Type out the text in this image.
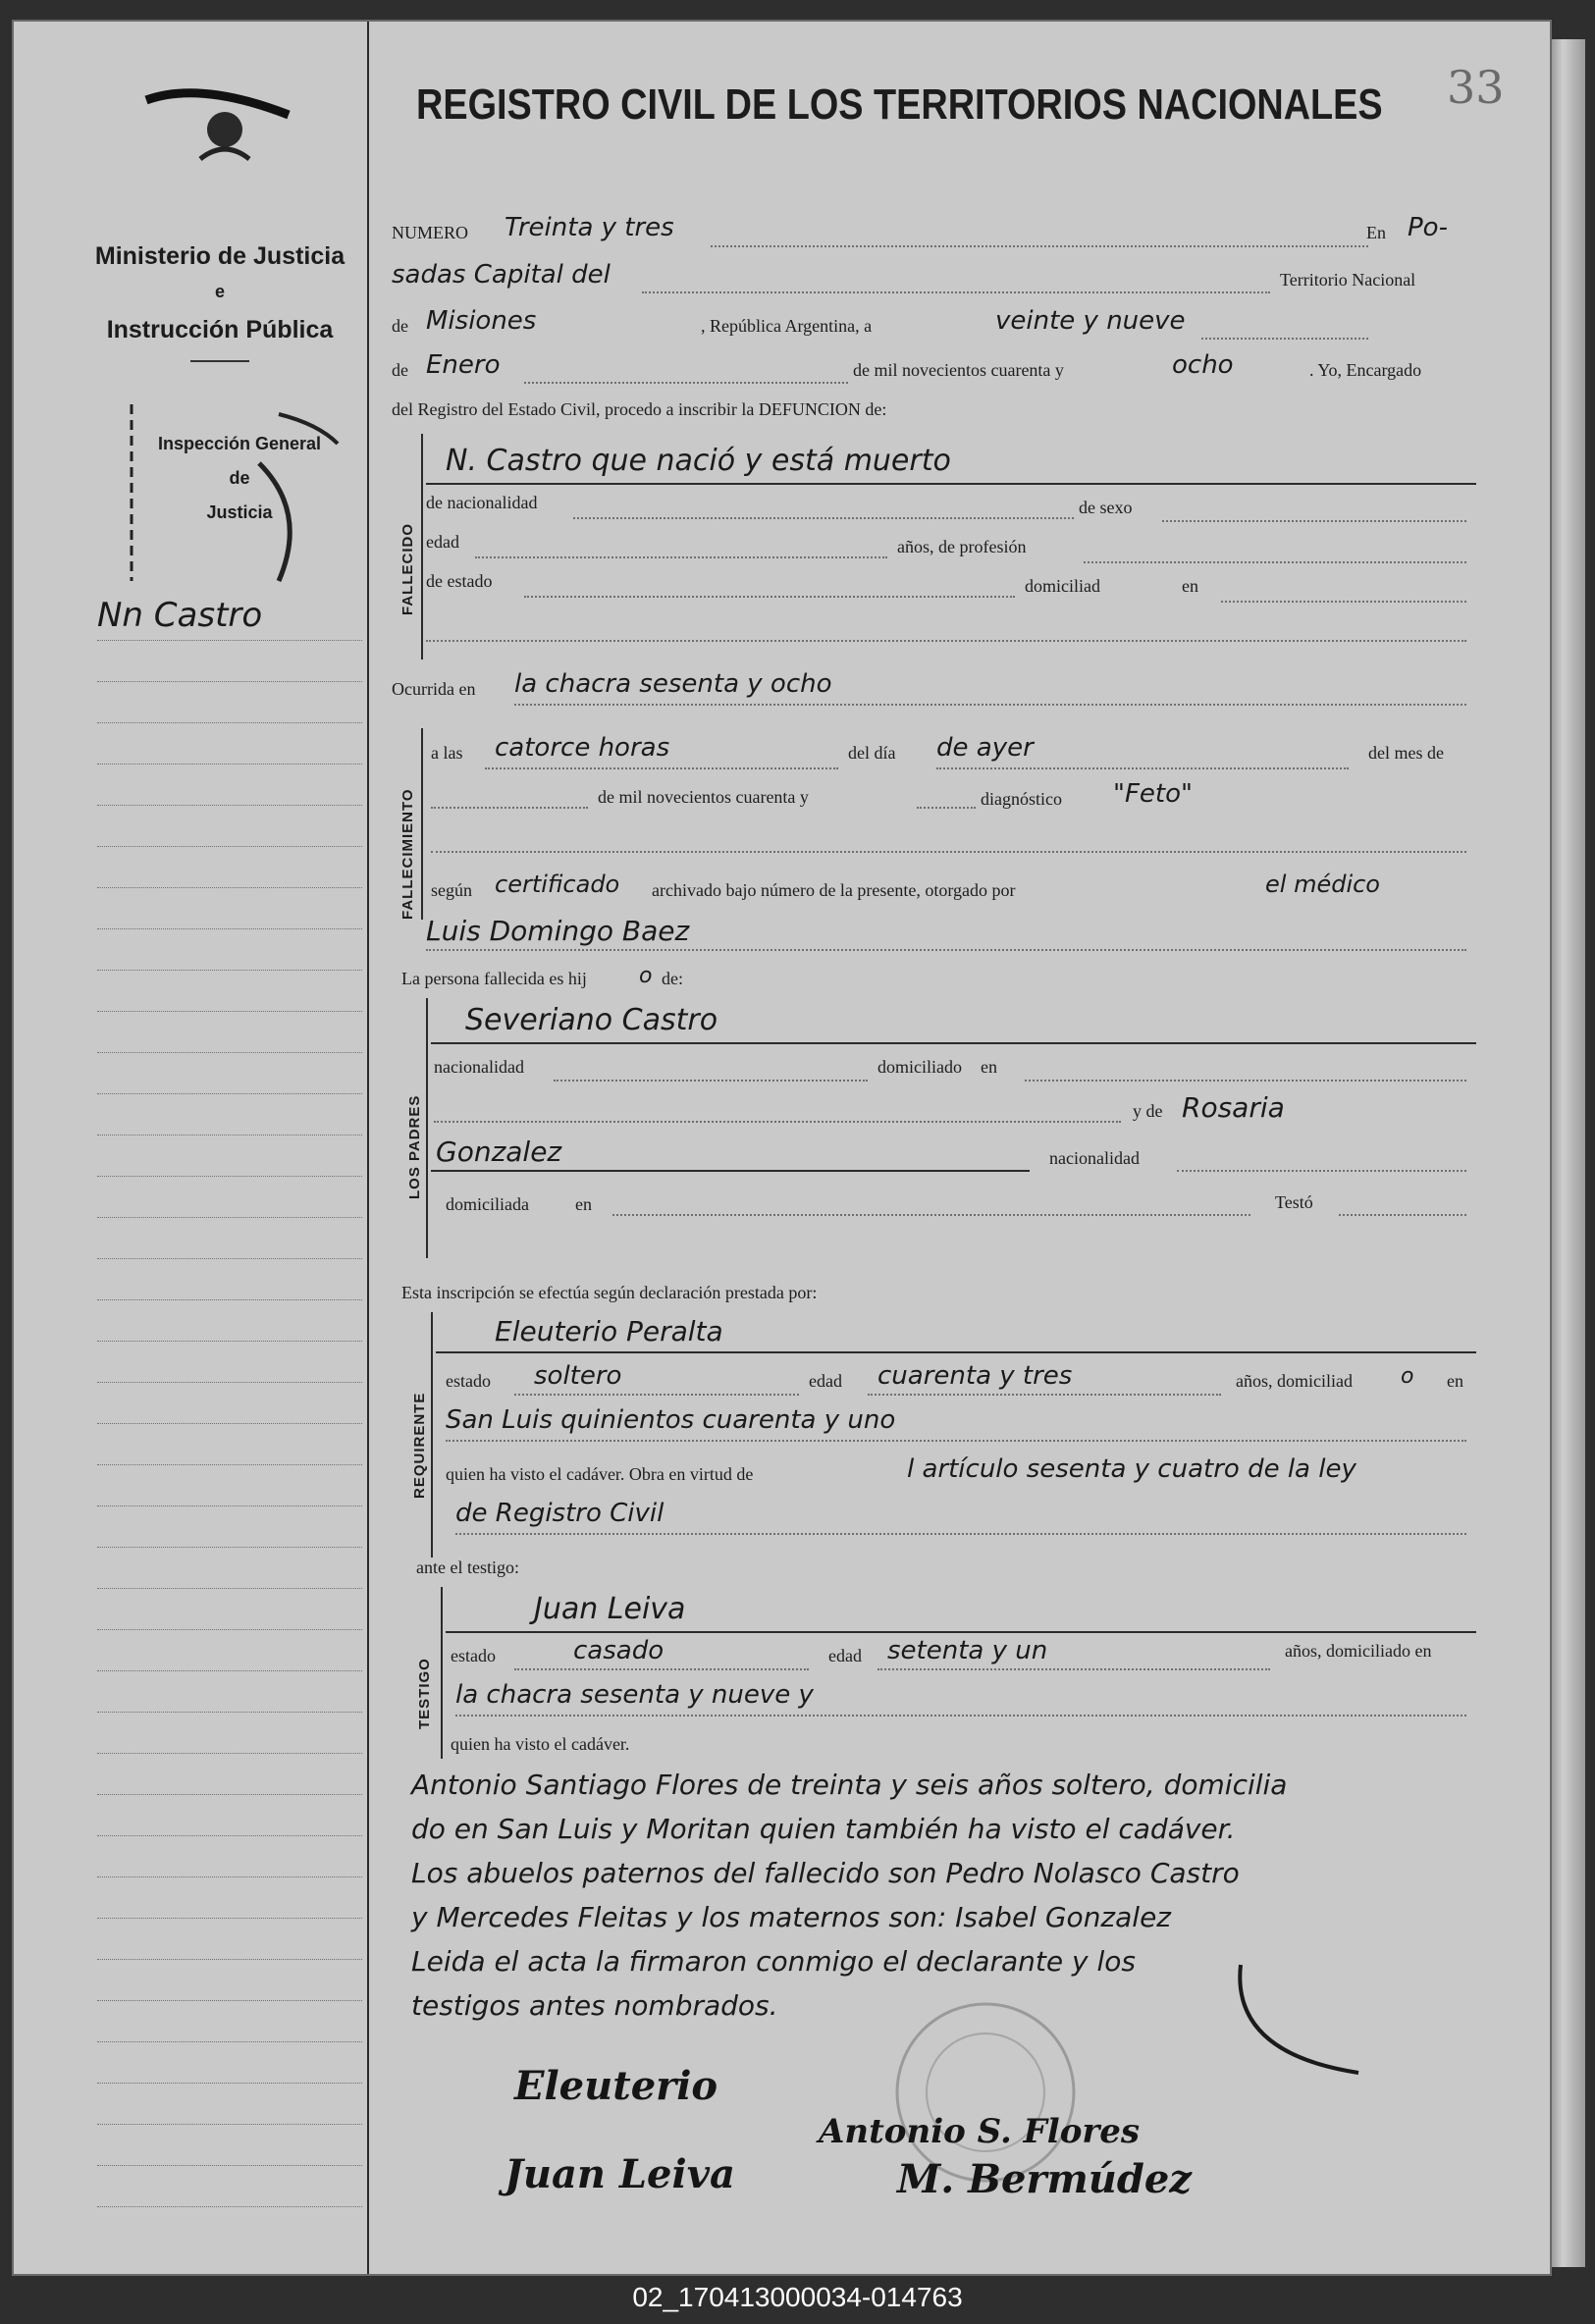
Ministerio de Justicia
e
Instrucción Pública
Inspección General
de
Justicia
Nn Castro
REGISTRO CIVIL DE LOS TERRITORIOS NACIONALES 33
NUMERO Treinta y tres	En Po-
sadas Capital del	Territorio Nacional
de Misiones	, República Argentina, a	veinte y nueve
de Enero	de mil novecientos cuarenta y	ocho	. Yo, Encargado
del Registro del Estado Civil, procedo a inscribir la DEFUNCION de:
FALLECIDO
N. Castro que nació y está muerto
de nacionalidad	de sexo
edad	años, de profesión
de estado	domiciliad	en
Ocurrida en la chacra sesenta y ocho
FALLECIMIENTO
a las catorce horas	del día de ayer	del mes de
de mil novecientos cuarenta y	diagnóstico "Feto"
según certificado archivado bajo número de la presente, otorgado por	el médico
Luis Domingo Baez
La persona fallecida es hij o de:
LOS PADRES
Severiano Castro
nacionalidad	domiciliado en
y de Rosaria
Gonzalez	nacionalidad
domiciliada	en	Testó
Esta inscripción se efectúa según declaración prestada por:
REQUIRENTE
Eleuterio Peralta
estado soltero	edad cuarenta y tres	años, domiciliad o en
San Luis quinientos cuarenta y uno
quien ha visto el cadáver. Obra en virtud de	l artículo sesenta y cuatro de la ley
de Registro Civil
ante el testigo:
TESTIGO
Juan Leiva
estado	casado	edad setenta y un	años, domiciliado en
la chacra sesenta y nueve y
quien ha visto el cadáver.
Antonio Santiago Flores de treinta y seis años soltero, domicilia
do en San Luis y Moritan quien también ha visto el cadáver.
Los abuelos paternos del fallecido son Pedro Nolasco Castro
y Mercedes Fleitas y los maternos son: Isabel Gonzalez
Leida el acta la firmaron conmigo el declarante y los
testigos antes nombrados.
Eleuterio
Antonio S. Flores
Juan Leiva	M. Bermúdez
02_170413000034-014763
